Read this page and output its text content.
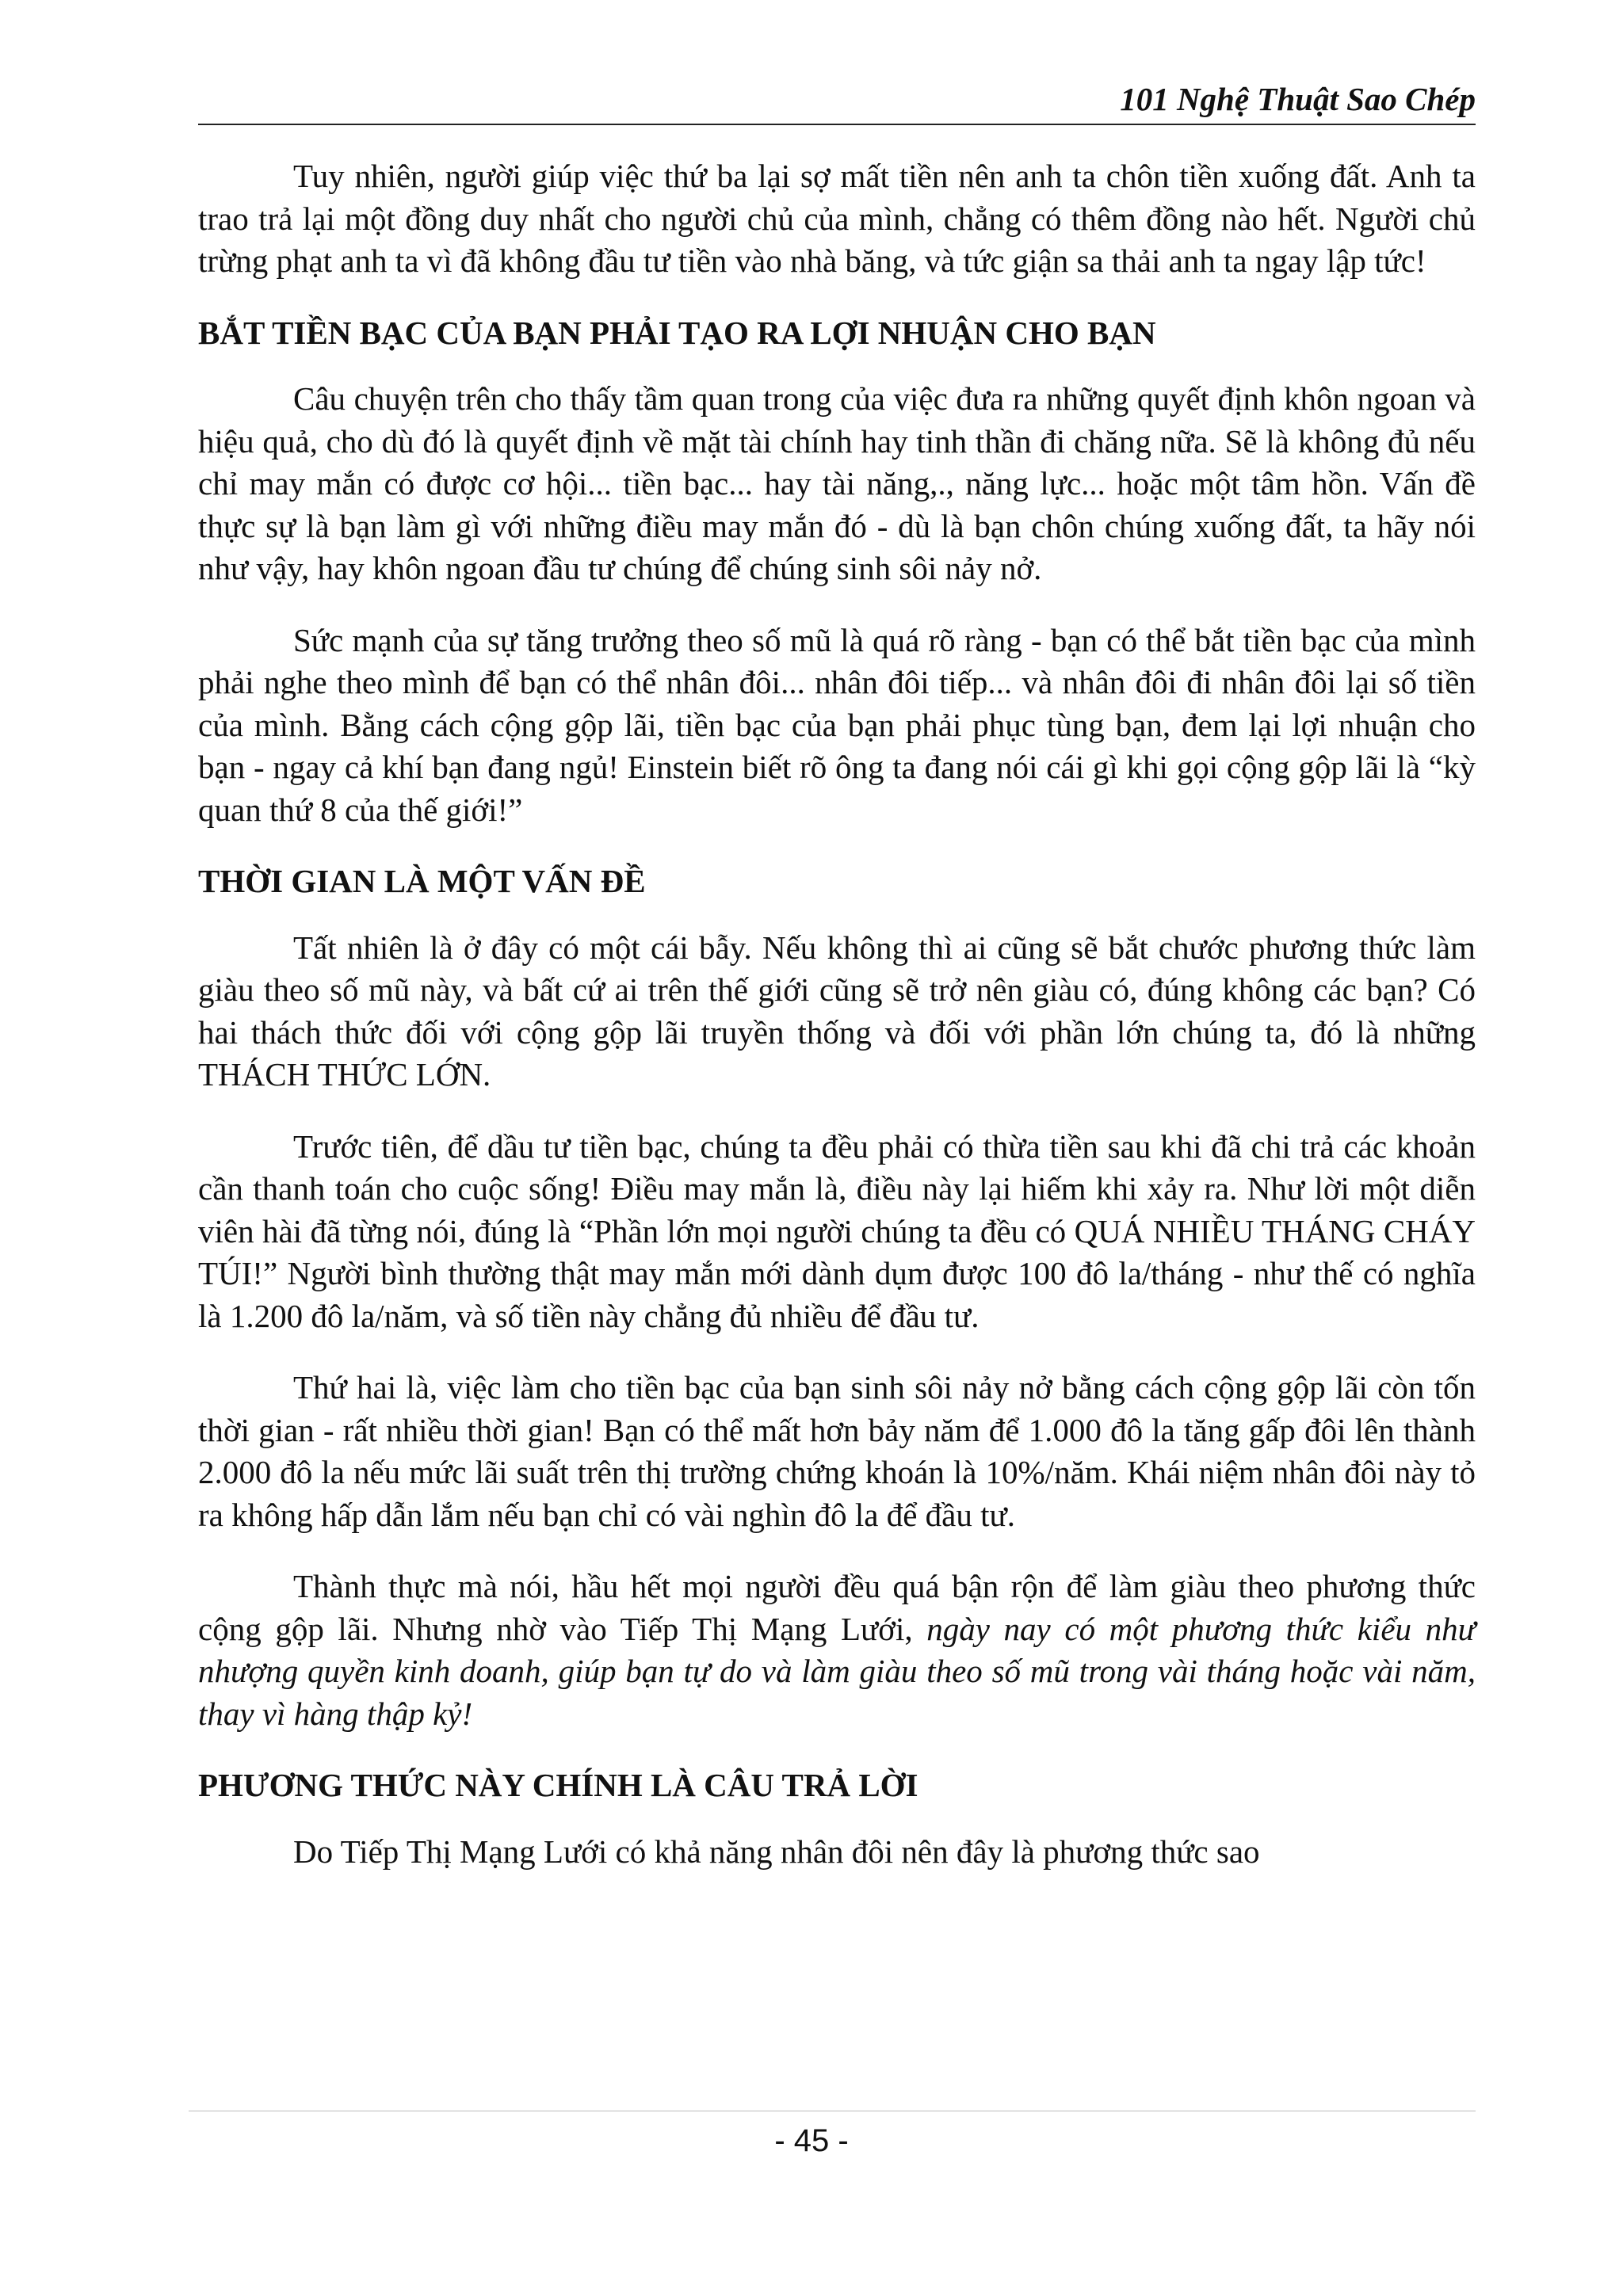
101 Nghệ Thuật Sao Chép

Tuy nhiên, người giúp việc thứ ba lại sợ mất tiền nên anh ta chôn tiền xuống đất. Anh ta trao trả lại một đồng duy nhất cho người chủ của mình, chẳng có thêm đồng nào hết. Người chủ trừng phạt anh ta vì đã không đầu tư tiền vào nhà băng, và tức giận sa thải anh ta ngay lập tức!

BẮT TIỀN BẠC CỦA BẠN PHẢI TẠO RA LỢI NHUẬN CHO BẠN

Câu chuyện trên cho thấy tầm quan trong của việc đưa ra những quyết định khôn ngoan và hiệu quả, cho dù đó là quyết định về mặt tài chính hay tinh thần đi chăng nữa. Sẽ là không đủ nếu chỉ may mắn có được cơ hội... tiền bạc... hay tài năng,., năng lực... hoặc một tâm hồn. Vấn đề thực sự là bạn làm gì với những điều may mắn đó - dù là bạn chôn chúng xuống đất, ta hãy nói như vậy, hay khôn ngoan đầu tư chúng để chúng sinh sôi nảy nở.

Sức mạnh của sự tăng trưởng theo số mũ là quá rõ ràng - bạn có thể bắt tiền bạc của mình phải nghe theo mình để bạn có thể nhân đôi... nhân đôi tiếp... và nhân đôi đi nhân đôi lại số tiền của mình. Bằng cách cộng gộp lãi, tiền bạc của bạn phải phục tùng bạn, đem lại lợi nhuận cho bạn - ngay cả khí bạn đang ngủ! Einstein biết rõ ông ta đang nói cái gì khi gọi cộng gộp lãi là “kỳ quan thứ 8 của thế giới!”

THỜI GIAN LÀ MỘT VẤN ĐỀ

Tất nhiên là ở đây có một cái bẫy. Nếu không thì ai cũng sẽ bắt chước phương thức làm giàu theo số mũ này, và bất cứ ai trên thế giới cũng sẽ trở nên giàu có, đúng không các bạn? Có hai thách thức đối với cộng gộp lãi truyền thống và đối với phần lớn chúng ta, đó là những THÁCH THỨC LỚN.

Trước tiên, để dầu tư tiền bạc, chúng ta đều phải có thừa tiền sau khi đã chi trả các khoản cần thanh toán cho cuộc sống! Điều may mắn là, điều này lại hiếm khi xảy ra. Như lời một diễn viên hài đã từng nói, đúng là “Phần lớn mọi người chúng ta đều có QUÁ NHIỀU THÁNG CHÁY TÚI!” Người bình thường thật may mắn mới dành dụm được 100 đô la/tháng - như thế có nghĩa là 1.200 đô la/năm, và số tiền này chẳng đủ nhiều để đầu tư.

Thứ hai là, việc làm cho tiền bạc của bạn sinh sôi nảy nở bằng cách cộng gộp lãi còn tốn thời gian - rất nhiều thời gian! Bạn có thể mất hơn bảy năm để 1.000 đô la tăng gấp đôi lên thành 2.000 đô la nếu mức lãi suất trên thị trường chứng khoán là 10%/năm. Khái niệm nhân đôi này tỏ ra không hấp dẫn lắm nếu bạn chỉ có vài nghìn đô la để đầu tư.

Thành thực mà nói, hầu hết mọi người đều quá bận rộn để làm giàu theo phương thức cộng gộp lãi. Nhưng nhờ vào Tiếp Thị Mạng Lưới, ngày nay có một phương thức kiểu như nhượng quyền kinh doanh, giúp bạn tự do và làm giàu theo số mũ trong vài tháng hoặc vài năm, thay vì hàng thập kỷ!

PHƯƠNG THỨC NÀY CHÍNH LÀ CÂU TRẢ LỜI

Do Tiếp Thị Mạng Lưới có khả năng nhân đôi nên đây là phương thức sao

- 45 -
